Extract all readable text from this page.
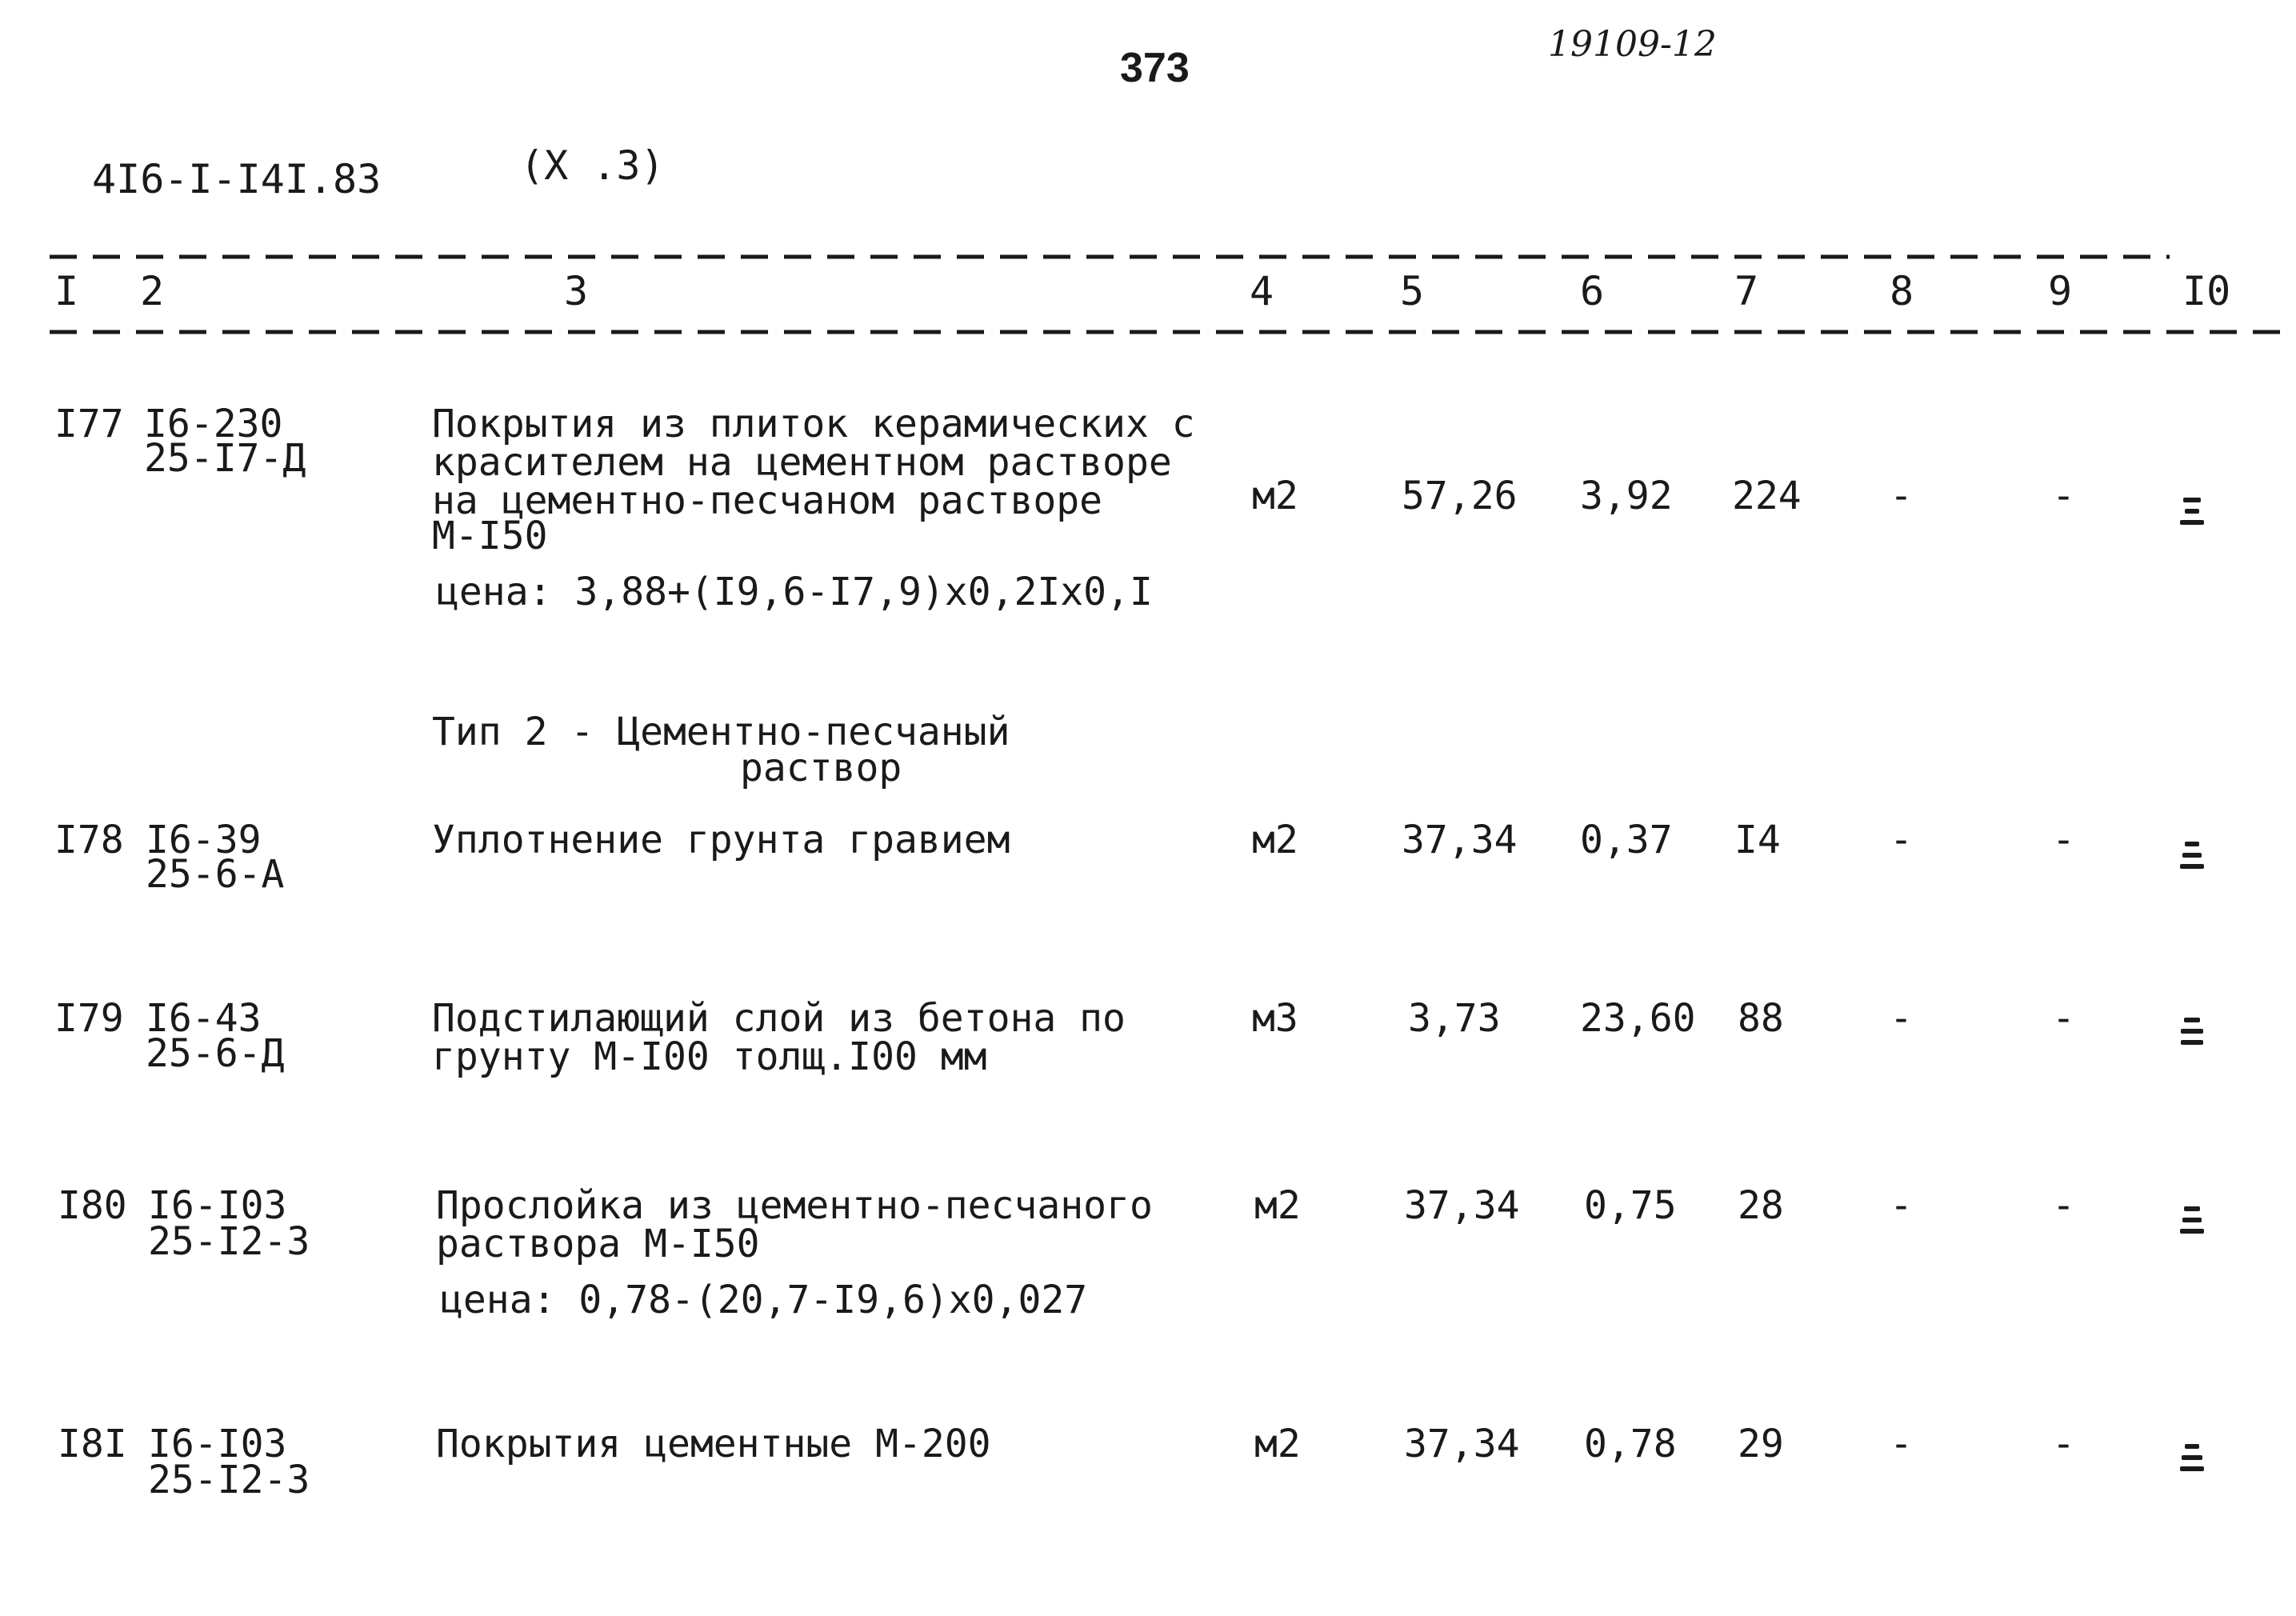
373
19109-12
4I6-I-I4I.83	(X .3)
I 2	3	4	5	6	7	8	9	I0
I77 I6-230
25-I7-Д
Покрытия из плиток керамических с
красителем на цементном растворе
на цементно-песчаном растворе
М-I50
цена: 3,88+(I9,6-I7,9)x0,2Ix0,I
м2	57,26 3,92 224 -	-
Тип 2 - Цементно-песчаный
раствор
I78 I6-39
25-6-А
Уплотнение грунта гравием	м2	37,34 0,37 I4	-	-
I79 I6-43
25-6-Д
Подстилающий слой из бетона по
грунту М-I00 толщ.I00 мм
м3	3,73 23,60 88	-	-
I80 I6-I03
25-I2-3
Прослойка из цементно-песчаного
раствора М-I50
цена: 0,78-(20,7-I9,6)x0,027
м2	37,34 0,75 28	-	-
I8I I6-I03
25-I2-3
Покрытия цементные М-200	м2	37,34 0,78 29	-	-
